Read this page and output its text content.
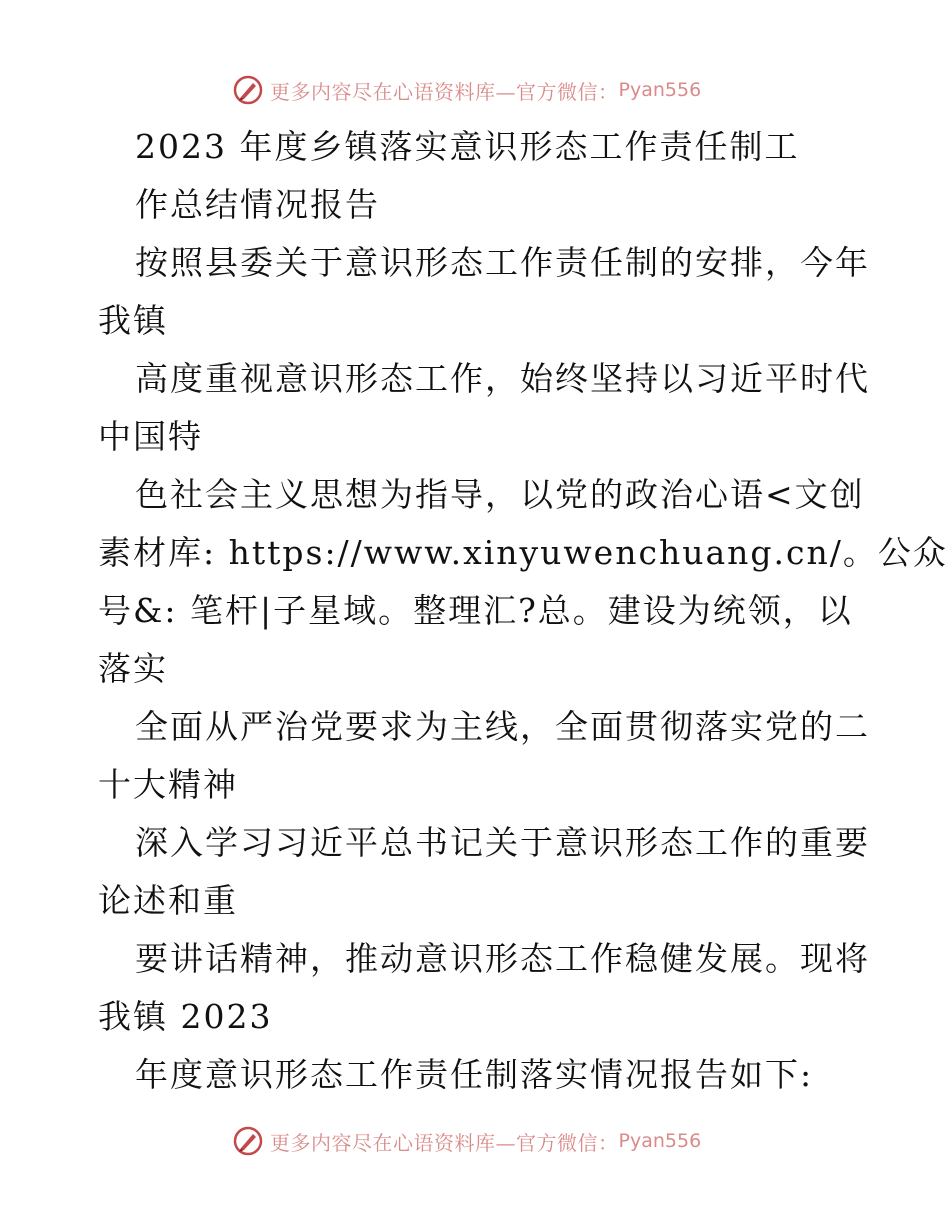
更多内容尽在心语资料库—官方微信： Pyan556
2023 年度乡镇落实意识形态工作责任制工
作总结情况报告
按照县委关于意识形态工作责任制的安排，今年
我镇
高度重视意识形态工作，始终坚持以习近平时代
中国特
色社会主义思想为指导，以党的政治心语<文创
素材库: https://www.xinyuwenchuang.cn/。公众
号&: 笔杆|子星域。整理汇?总。建设为统领，以
落实
全面从严治党要求为主线，全面贯彻落实党的二
十大精神
深入学习习近平总书记关于意识形态工作的重要
论述和重
要讲话精神，推动意识形态工作稳健发展。现将
我镇 2023
年度意识形态工作责任制落实情况报告如下:
更多内容尽在心语资料库—官方微信： Pyan556
